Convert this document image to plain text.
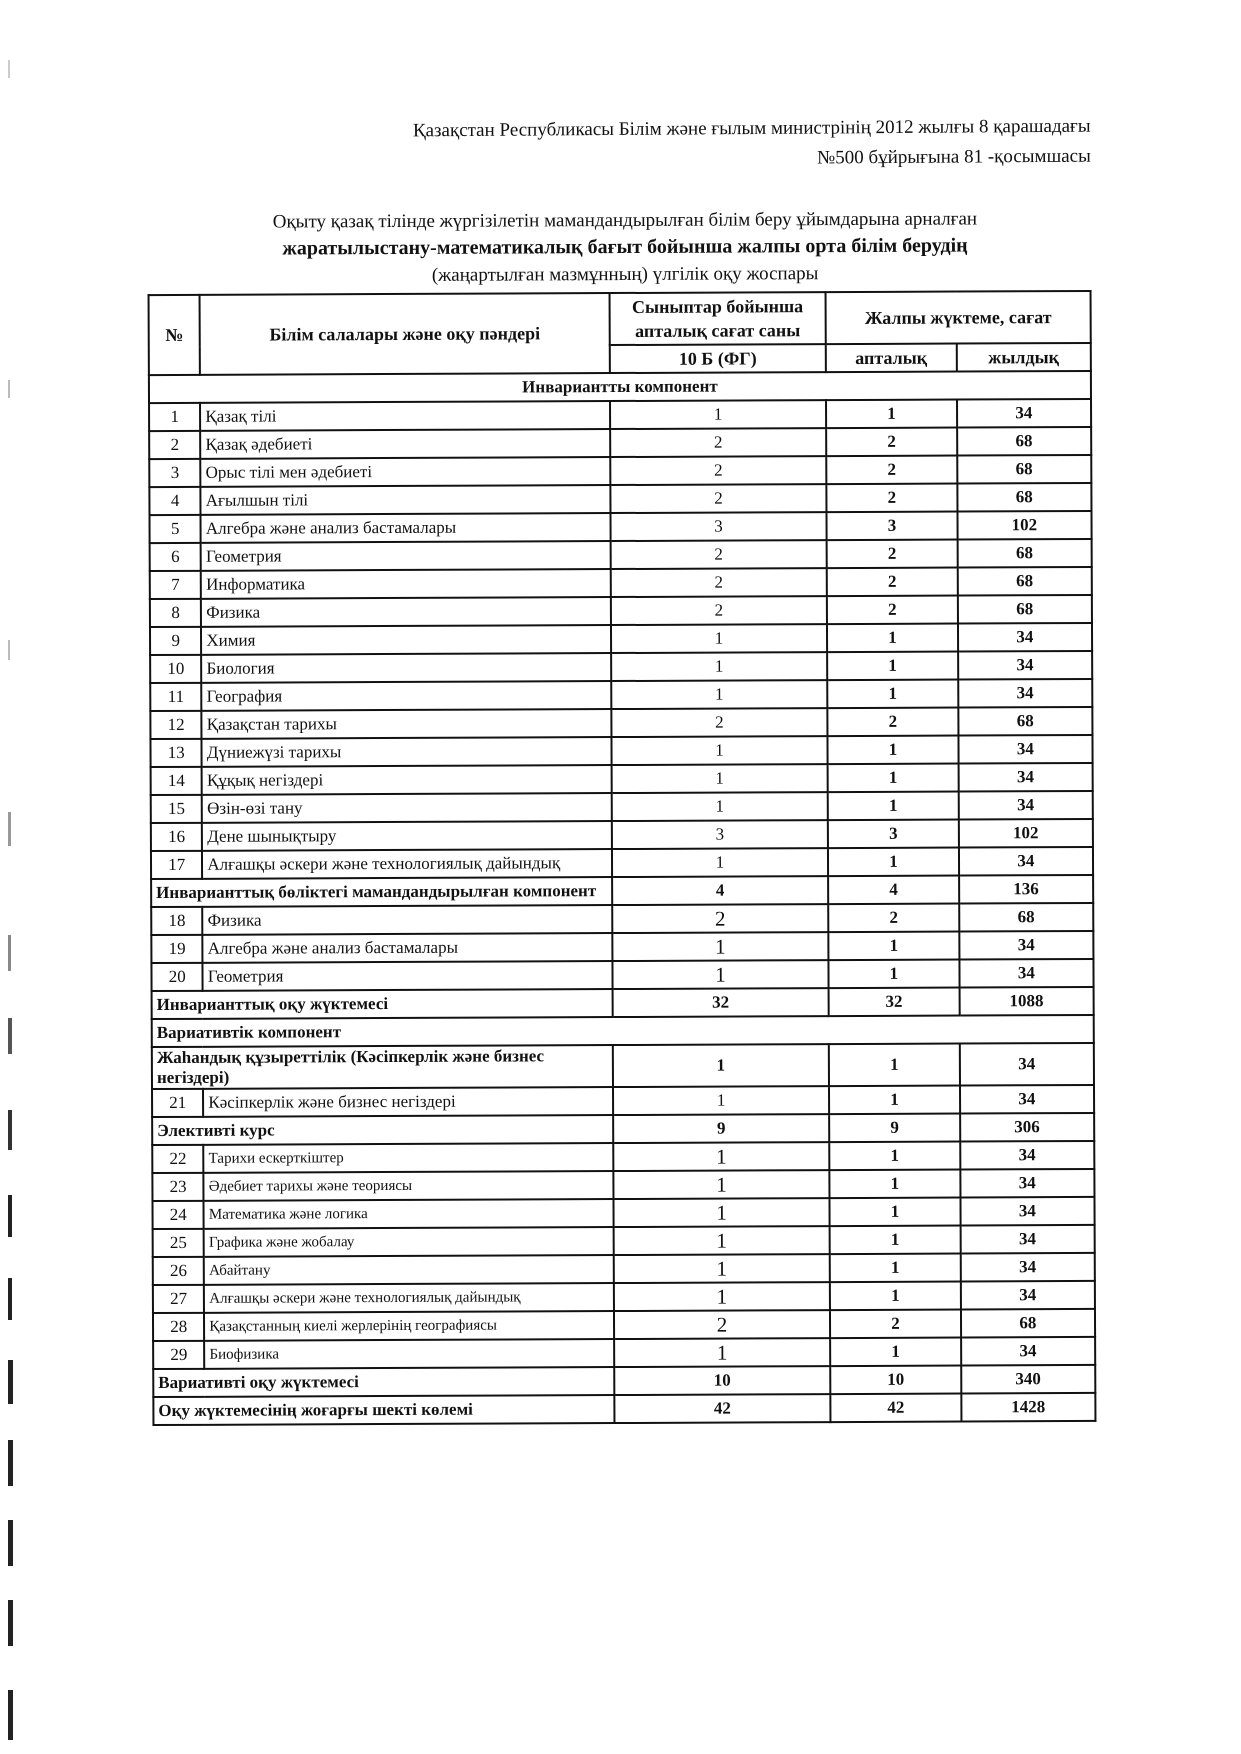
Қазақстан Республикасы Білім және ғылым министрінің 2012 жылғы 8 қарашадағы
№500 бұйрығына 81 -қосымшасы
Оқыту қазақ тілінде жүргізілетін мамандандырылған білім беру ұйымдарына арналған
жаратылыстану-математикалық бағыт бойынша жалпы орта білім берудің
(жаңартылған мазмұнның) үлгілік оқу жоспары
№	Білім салалары және оқу пәндері	Сыныптар бойынша апталық сағат саны	Жалпы жүктеме, сағат	
		10 Б (ФГ)	апталық	жылдық
Инвариантты компонент				
1	Қазақ тілі	1	1	34
2	Қазақ әдебиеті	2	2	68
3	Орыс тілі мен әдебиеті	2	2	68
4	Ағылшын тілі	2	2	68
5	Алгебра және анализ бастамалары	3	3	102
6	Геометрия	2	2	68
7	Информатика	2	2	68
8	Физика	2	2	68
9	Химия	1	1	34
10	Биология	1	1	34
11	География	1	1	34
12	Қазақстан тарихы	2	2	68
13	Дүниежүзі тарихы	1	1	34
14	Құқық негіздері	1	1	34
15	Өзін-өзі тану	1	1	34
16	Дене шынықтыру	3	3	102
17	Алғашқы әскери және технологиялық дайындық	1	1	34
Инварианттық бөліктегі мамандандырылған компонент		4	4	136
18	Физика	2	2	68
19	Алгебра және анализ бастамалары	1	1	34
20	Геометрия	1	1	34
Инварианттық оқу жүктемесі		32	32	1088
Вариативтік компонент				
Жаһандық құзыреттілік (Кәсіпкерлік және бизнес негіздері)		1	1	34
21	Кәсіпкерлік және бизнес негіздері	1	1	34
Элективті курс		9	9	306
22	Тарихи ескерткіштер	1	1	34
23	Әдебиет тарихы және теориясы	1	1	34
24	Математика және логика	1	1	34
25	Графика және жобалау	1	1	34
26	Абайтану	1	1	34
27	Алғашқы әскери және технологиялық дайындық	1	1	34
28	Қазақстанның киелі жерлерінің географиясы	2	2	68
29	Биофизика	1	1	34
Вариативті оқу жүктемесі		10	10	340
Оқу жүктемесінің жоғарғы шекті көлемі		42	42	1428
